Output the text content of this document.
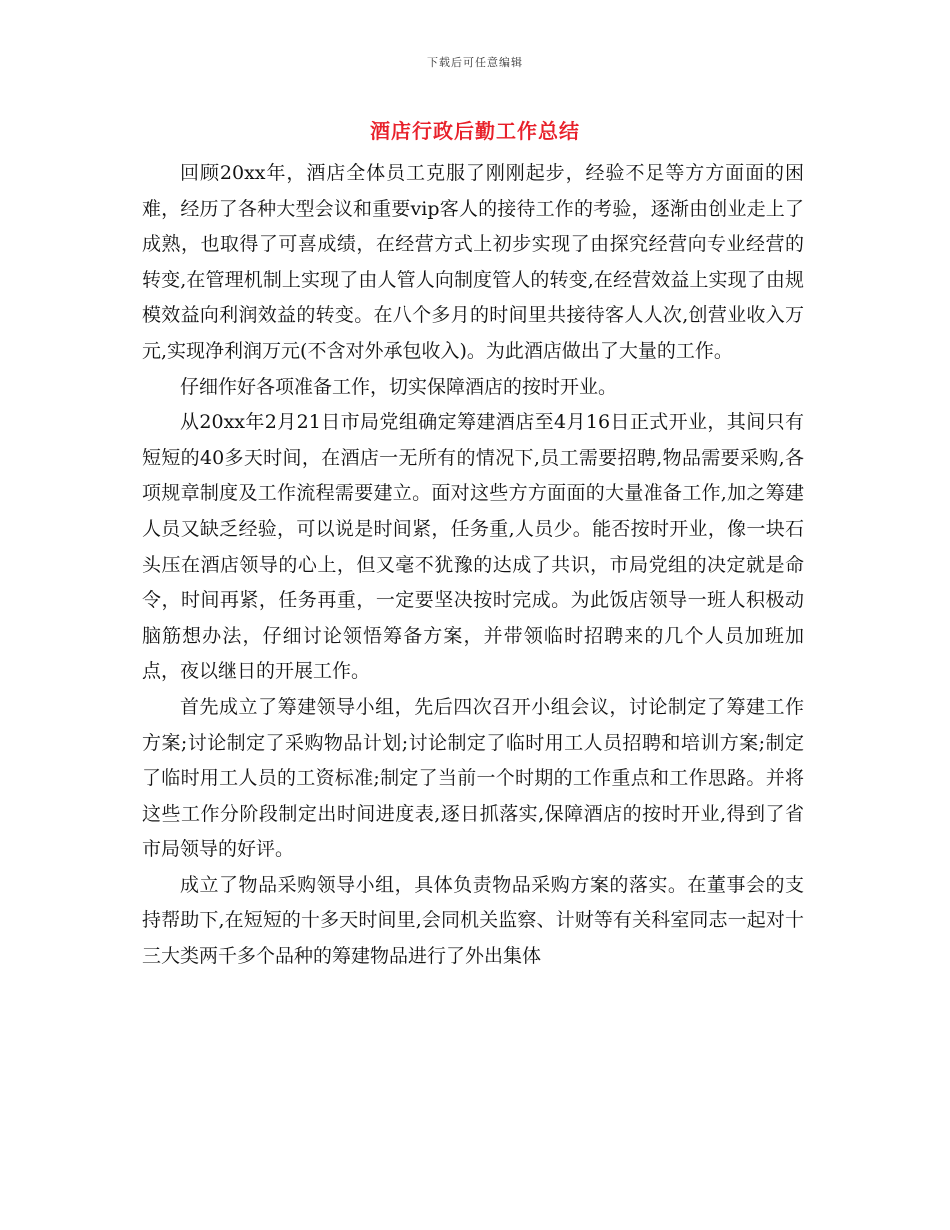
下载后可任意编辑
酒店行政后勤工作总结

回顾20xx年，酒店全体员工克服了刚刚起步，经验不足等方方面面的困难，经历了各种大型会议和重要vip客人的接待工作的考验，逐渐由创业走上了成熟，也取得了可喜成绩，在经营方式上初步实现了由探究经营向专业经营的转变,在管理机制上实现了由人管人向制度管人的转变,在经营效益上实现了由规模效益向利润效益的转变。在八个多月的时间里共接待客人人次,创营业收入万元,实现净利润万元(不含对外承包收入)。为此酒店做出了大量的工作。

仔细作好各项准备工作，切实保障酒店的按时开业。

从20xx年2月21日市局党组确定筹建酒店至4月16日正式开业，其间只有短短的40多天时间，在酒店一无所有的情况下,员工需要招聘,物品需要采购,各项规章制度及工作流程需要建立。面对这些方方面面的大量准备工作,加之筹建人员又缺乏经验，可以说是时间紧，任务重,人员少。能否按时开业，像一块石头压在酒店领导的心上，但又毫不犹豫的达成了共识，市局党组的决定就是命令，时间再紧，任务再重，一定要坚决按时完成。为此饭店领导一班人积极动脑筋想办法，仔细讨论领悟筹备方案，并带领临时招聘来的几个人员加班加点，夜以继日的开展工作。

首先成立了筹建领导小组，先后四次召开小组会议，讨论制定了筹建工作方案;讨论制定了采购物品计划;讨论制定了临时用工人员招聘和培训方案;制定了临时用工人员的工资标准;制定了当前一个时期的工作重点和工作思路。并将这些工作分阶段制定出时间进度表,逐日抓落实,保障酒店的按时开业,得到了省市局领导的好评。

成立了物品采购领导小组，具体负责物品采购方案的落实。在董事会的支持帮助下,在短短的十多天时间里,会同机关监察、计财等有关科室同志一起对十三大类两千多个品种的筹建物品进行了外出集体
